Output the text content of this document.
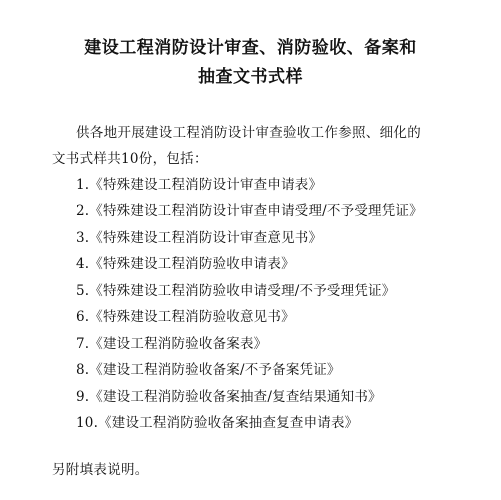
建设工程消防设计审查、消防验收、备案和
抽查文书式样
供各地开展建设工程消防设计审查验收工作参照、细化的
文书式样共10份，包括：
1.《特殊建设工程消防设计审查申请表》
2.《特殊建设工程消防设计审查申请受理/不予受理凭证》
3.《特殊建设工程消防设计审查意见书》
4.《特殊建设工程消防验收申请表》
5.《特殊建设工程消防验收申请受理/不予受理凭证》
6.《特殊建设工程消防验收意见书》
7.《建设工程消防验收备案表》
8.《建设工程消防验收备案/不予备案凭证》
9.《建设工程消防验收备案抽查/复查结果通知书》
10.《建设工程消防验收备案抽查复查申请表》
另附填表说明。
